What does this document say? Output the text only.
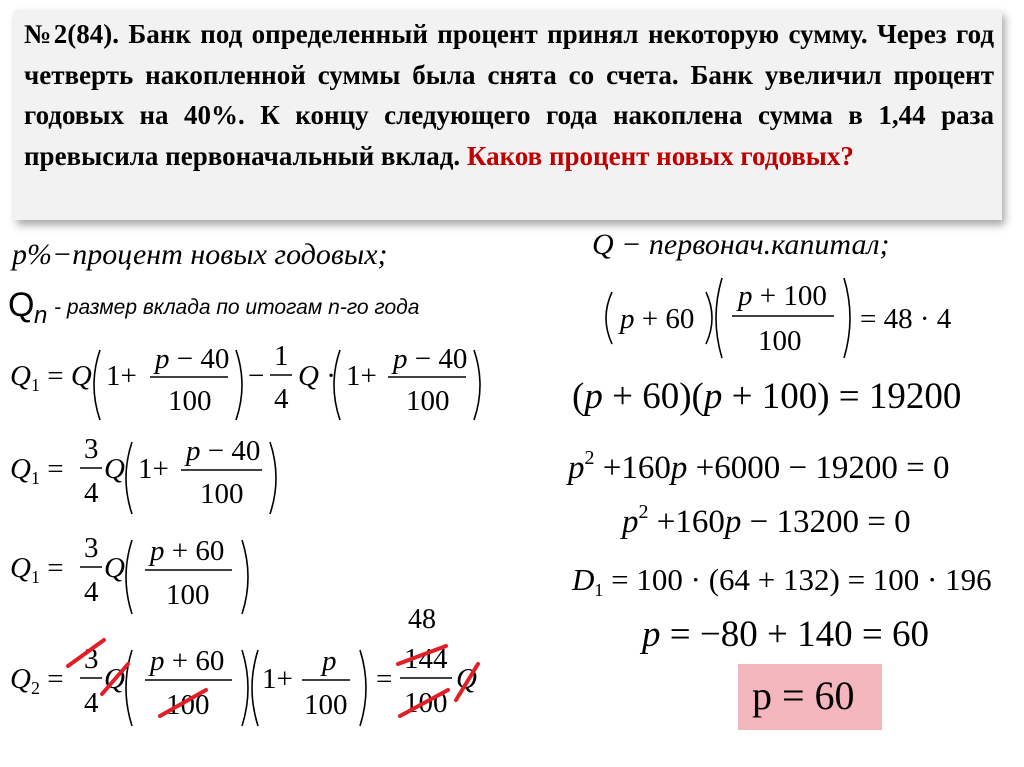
№2(84). Банк под определенный процент принял некоторую сумму. Через год четверть накопленной суммы была снята со счета. Банк увеличил процент годовых на 40%. К концу следующего года накоплена сумма в 1,44 раза превысила первоначальный вклад. Каков процент новых годовых?
p%−процент новых годовых;	Q − первонач.капитал;
Q n - размер вклада по итогам n-го года
$Q_1 = Q$ 1+
p − 40
100
−
1
4
Q · 1+
p − 40
100
$Q_1$ =
3
4
Q 1+
p − 40
100
$Q_1$ =
3
4
Q
p + 60
100
$Q_2$ =
3
4
Q
p + 60
100
1+
p
100
=
144
100
Q
p + 60
p + 100
100
= 48 · 4
(p + 60)(p + 100) = 19200
$p^2 +160p +6000 - 19200 = 0$
$p^2 +160p - 13200 = 0$
D1 = 100 · (64 + 132) = 100 · 196
p = −80 + 140 = 60
p = 60
48
